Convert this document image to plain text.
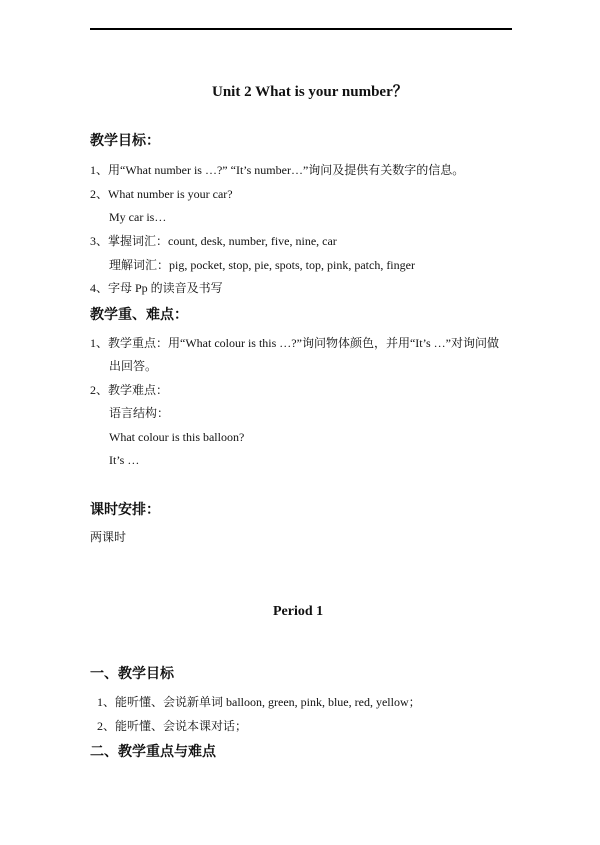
Unit 2 What is your number？
教学目标：
1、用“What number is …?” “It’s number…”询问及提供有关数字的信息。
2、What number is your car?
My car is…
3、掌握词汇：count, desk, number, five, nine, car
理解词汇：pig, pocket, stop, pie, spots, top, pink, patch, finger
4、字母 Pp 的读音及书写
教学重、难点：
1、教学重点：用“What colour is this …?”询问物体颜色，并用“It’s …”对询问做
出回答。
2、教学难点：
语言结构：
What colour is this balloon?
It’s …
课时安排：
两课时
Period 1
一、教学目标
1、能听懂、会说新单词 balloon, green, pink, blue, red, yellow；
2、能听懂、会说本课对话；
二、教学重点与难点
